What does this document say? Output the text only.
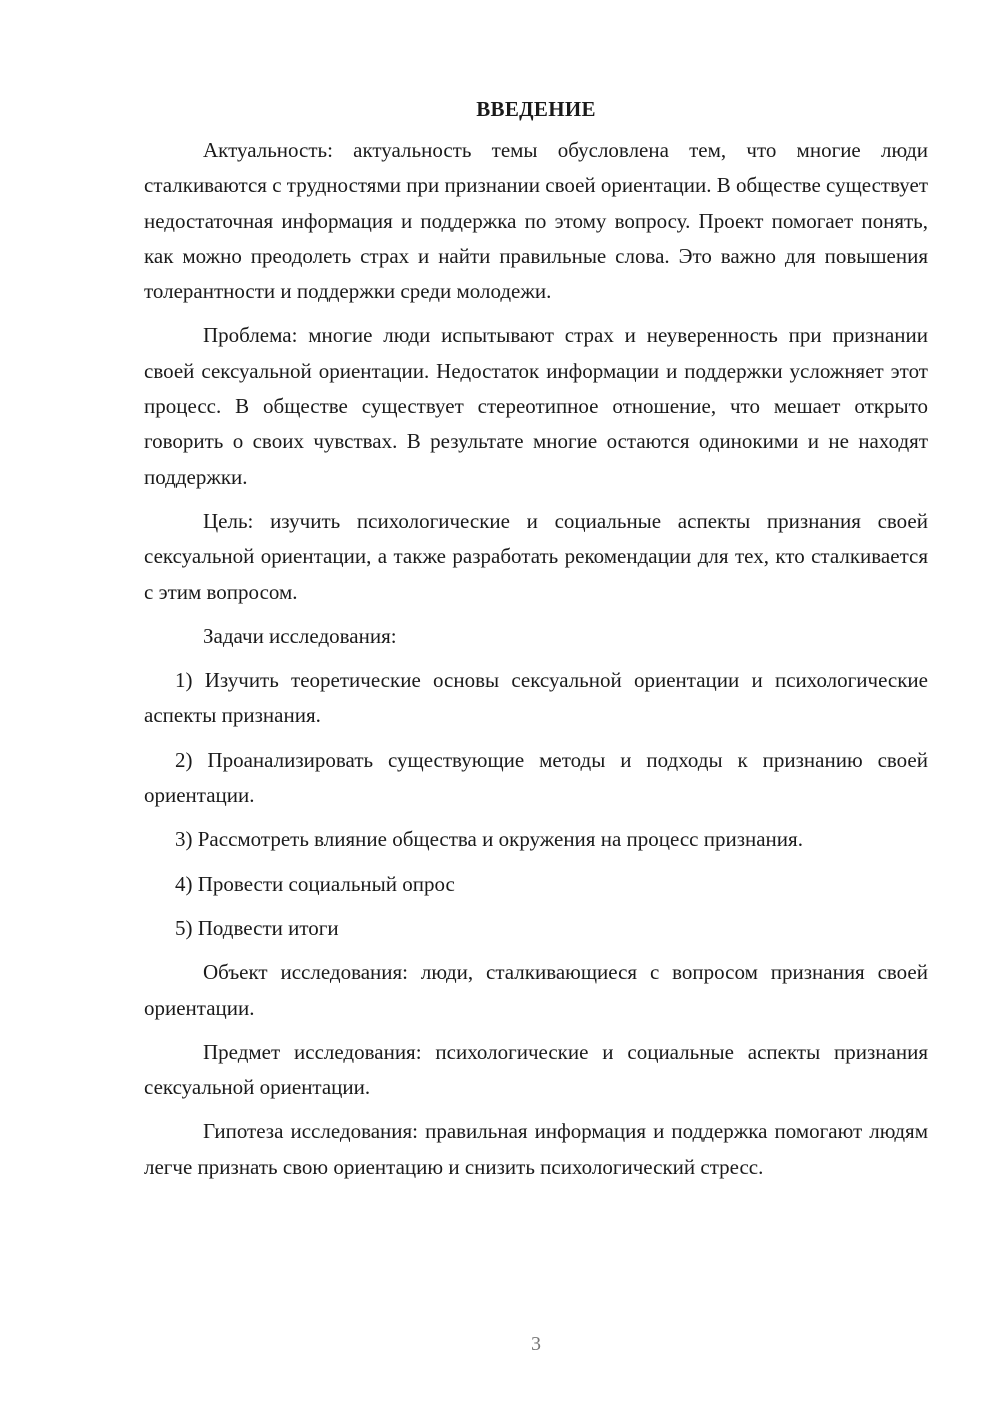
ВВЕДЕНИЕ

Актуальность: актуальность темы обусловлена тем, что многие люди сталкиваются с трудностями при признании своей ориентации. В обществе существует недостаточная информация и поддержка по этому вопросу. Проект помогает понять, как можно преодолеть страх и найти правильные слова. Это важно для повышения толерантности и поддержки среди молодежи.

Проблема: многие люди испытывают страх и неуверенность при признании своей сексуальной ориентации. Недостаток информации и поддержки усложняет этот процесс. В обществе существует стереотипное отношение, что мешает открыто говорить о своих чувствах. В результате многие остаются одинокими и не находят поддержки.

Цель: изучить психологические и социальные аспекты признания своей сексуальной ориентации, а также разработать рекомендации для тех, кто сталкивается с этим вопросом.

Задачи исследования:

1) Изучить теоретические основы сексуальной ориентации и психологические аспекты признания.

2) Проанализировать существующие методы и подходы к признанию своей ориентации.

3) Рассмотреть влияние общества и окружения на процесс признания.

4) Провести социальный опрос

5) Подвести итоги

Объект исследования: люди, сталкивающиеся с вопросом признания своей ориентации.

Предмет исследования: психологические и социальные аспекты признания сексуальной ориентации.

Гипотеза исследования: правильная информация и поддержка помогают людям легче признать свою ориентацию и снизить психологический стресс.

3
